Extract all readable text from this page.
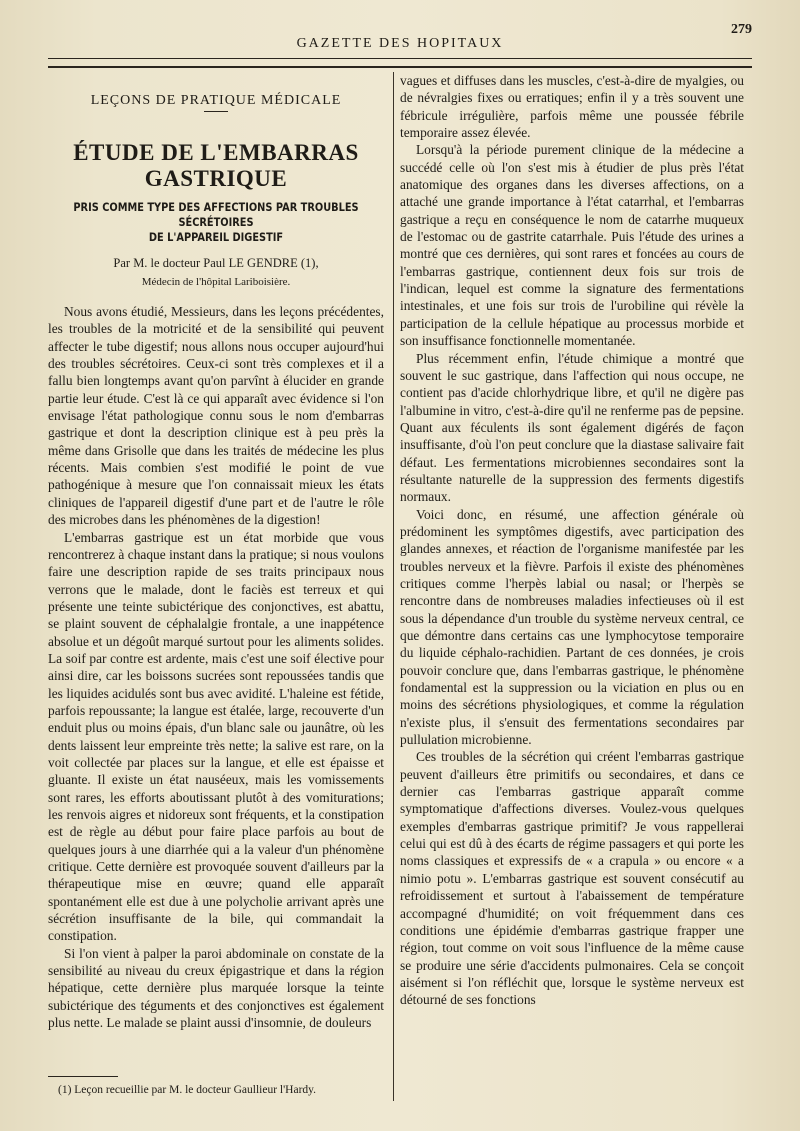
279
GAZETTE DES HOPITAUX
LEÇONS DE PRATIQUE MÉDICALE
ÉTUDE DE L'EMBARRAS GASTRIQUE
PRIS COMME TYPE DES AFFECTIONS PAR TROUBLES SÉCRÉTOIRES
DE L'APPAREIL DIGESTIF
Par M. le docteur Paul LE GENDRE (1),
Médecin de l'hôpital Lariboisière.

Nous avons étudié, Messieurs, dans les leçons précédentes, les troubles de la motricité et de la sensibilité qui peuvent affecter le tube digestif; nous allons nous occuper aujourd'hui des troubles sécrétoires. Ceux-ci sont très complexes et il a fallu bien longtemps avant qu'on parvînt à élucider en grande partie leur étude. C'est là ce qui apparaît avec évidence si l'on envisage l'état pathologique connu sous le nom d'embarras gastrique et dont la description clinique est à peu près la même dans Grisolle que dans les traités de médecine les plus récents. Mais combien s'est modifié le point de vue pathogénique à mesure que l'on connaissait mieux les états cliniques de l'appareil digestif d'une part et de l'autre le rôle des microbes dans les phénomènes de la digestion!

L'embarras gastrique est un état morbide que vous rencontrerez à chaque instant dans la pratique; si nous voulons faire une description rapide de ses traits principaux nous verrons que le malade, dont le faciès est terreux et qui présente une teinte subictérique des conjonctives, est abattu, se plaint souvent de céphalalgie frontale, a une inappétence absolue et un dégoût marqué surtout pour les aliments solides. La soif par contre est ardente, mais c'est une soif élective pour ainsi dire, car les boissons sucrées sont repoussées tandis que les liquides acidulés sont bus avec avidité. L'haleine est fétide, parfois repoussante; la langue est étalée, large, recouverte d'un enduit plus ou moins épais, d'un blanc sale ou jaunâtre, où les dents laissent leur empreinte très nette; la salive est rare, on la voit collectée par places sur la langue, et elle est épaisse et gluante. Il existe un état nauséeux, mais les vomissements sont rares, les efforts aboutissant plutôt à des vomiturations; les renvois aigres et nidoreux sont fréquents, et la constipation est de règle au début pour faire place parfois au bout de quelques jours à une diarrhée qui a la valeur d'un phénomène critique. Cette dernière est provoquée souvent d'ailleurs par la thérapeutique mise en œuvre; quand elle apparaît spontanément elle est due à une polycholie arrivant après une sécrétion insuffisante de la bile, qui commandait la constipation.

Si l'on vient à palper la paroi abdominale on constate de la sensibilité au niveau du creux épigastrique et dans la région hépatique, cette dernière plus marquée lorsque la teinte subictérique des téguments et des conjonctives est également plus nette. Le malade se plaint aussi d'insomnie, de douleurs

vagues et diffuses dans les muscles, c'est-à-dire de myalgies, ou de névralgies fixes ou erratiques; enfin il y a très souvent une fébricule irrégulière, parfois même une poussée fébrile temporaire assez élevée.

Lorsqu'à la période purement clinique de la médecine a succédé celle où l'on s'est mis à étudier de plus près l'état anatomique des organes dans les diverses affections, on a attaché une grande importance à l'état catarrhal, et l'embarras gastrique a reçu en conséquence le nom de catarrhe muqueux de l'estomac ou de gastrite catarrhale. Puis l'étude des urines a montré que ces dernières, qui sont rares et foncées au cours de l'embarras gastrique, contiennent deux fois sur trois de l'indican, lequel est comme la signature des fermentations intestinales, et une fois sur trois de l'urobiline qui révèle la participation de la cellule hépatique au processus morbide et son insuffisance fonctionnelle momentanée.

Plus récemment enfin, l'étude chimique a montré que souvent le suc gastrique, dans l'affection qui nous occupe, ne contient pas d'acide chlorhydrique libre, et qu'il ne digère pas l'albumine in vitro, c'est-à-dire qu'il ne renferme pas de pepsine. Quant aux féculents ils sont également digérés de façon insuffisante, d'où l'on peut conclure que la diastase salivaire fait défaut. Les fermentations microbiennes secondaires sont la résultante naturelle de la suppression des ferments digestifs normaux.

Voici donc, en résumé, une affection générale où prédominent les symptômes digestifs, avec participation des glandes annexes, et réaction de l'organisme manifestée par les troubles nerveux et la fièvre. Parfois il existe des phénomènes critiques comme l'herpès labial ou nasal; or l'herpès se rencontre dans de nombreuses maladies infectieuses où il est sous la dépendance d'un trouble du système nerveux central, ce que démontre dans certains cas une lymphocytose temporaire du liquide céphalo-rachidien. Partant de ces données, je crois pouvoir conclure que, dans l'embarras gastrique, le phénomène fondamental est la suppression ou la viciation en plus ou en moins des sécrétions physiologiques, et comme la régulation n'existe plus, il s'ensuit des fermentations secondaires par pullulation microbienne.

Ces troubles de la sécrétion qui créent l'embarras gastrique peuvent d'ailleurs être primitifs ou secondaires, et dans ce dernier cas l'embarras gastrique apparaît comme symptomatique d'affections diverses. Voulez-vous quelques exemples d'embarras gastrique primitif? Je vous rappellerai celui qui est dû à des écarts de régime passagers et qui porte les noms classiques et expressifs de « a crapula » ou encore « a nimio potu ». L'embarras gastrique est souvent consécutif au refroidissement et surtout à l'abaissement de température accompagné d'humidité; on voit fréquemment dans ces conditions une épidémie d'embarras gastrique frapper une région, tout comme on voit sous l'influence de la même cause se produire une série d'accidents pulmonaires. Cela se conçoit aisément si l'on réfléchit que, lorsque le système nerveux est détourné de ses fonctions

(1) Leçon recueillie par M. le docteur Gaullieur l'Hardy.
